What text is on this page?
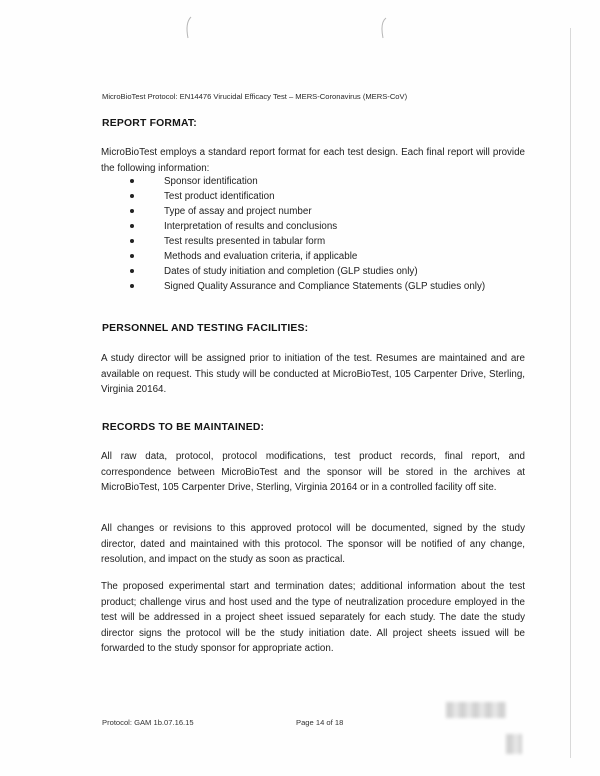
MicroBioTest Protocol: EN14476 Virucidal Efficacy Test – MERS-Coronavirus (MERS-CoV)
REPORT FORMAT:

MicroBioTest employs a standard report format for each test design. Each final report will provide the following information:

Sponsor identification
Test product identification
Type of assay and project number
Interpretation of results and conclusions
Test results presented in tabular form
Methods and evaluation criteria, if applicable
Dates of study initiation and completion (GLP studies only)
Signed Quality Assurance and Compliance Statements (GLP studies only)
PERSONNEL AND TESTING FACILITIES:

A study director will be assigned prior to initiation of the test. Resumes are maintained and are available on request. This study will be conducted at MicroBioTest, 105 Carpenter Drive, Sterling, Virginia 20164.

RECORDS TO BE MAINTAINED:

All raw data, protocol, protocol modifications, test product records, final report, and correspondence between MicroBioTest and the sponsor will be stored in the archives at MicroBioTest, 105 Carpenter Drive, Sterling, Virginia 20164 or in a controlled facility off site.

All changes or revisions to this approved protocol will be documented, signed by the study director, dated and maintained with this protocol. The sponsor will be notified of any change, resolution, and impact on the study as soon as practical.

The proposed experimental start and termination dates; additional information about the test product; challenge virus and host used and the type of neutralization procedure employed in the test will be addressed in a project sheet issued separately for each study. The date the study director signs the protocol will be the study initiation date. All project sheets issued will be forwarded to the study sponsor for appropriate action.

Protocol: GAM 1b.07.16.15	Page 14 of 18
